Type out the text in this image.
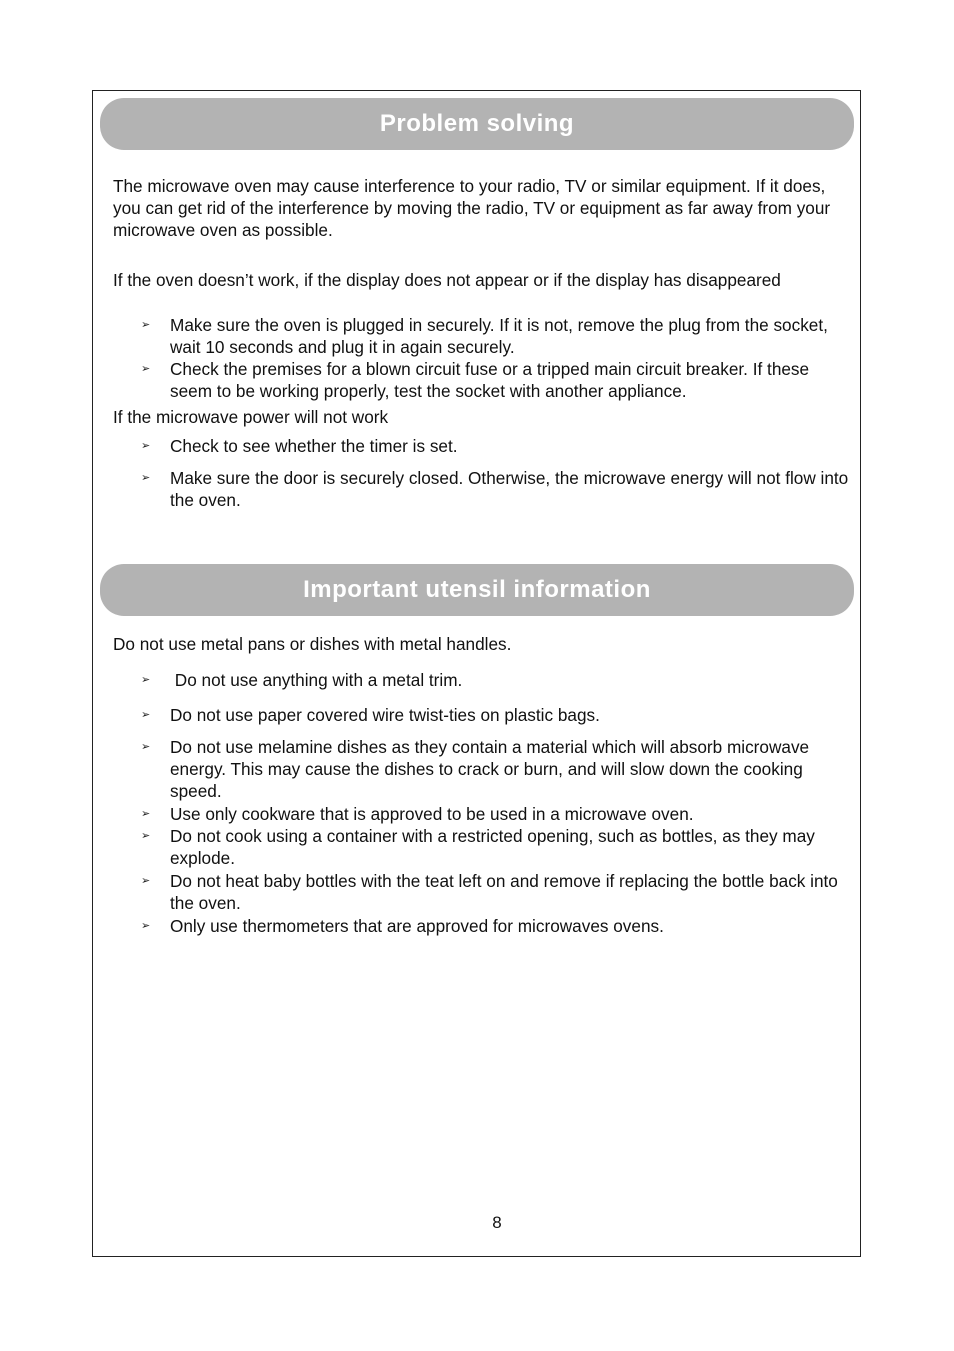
Problem solving

The microwave oven may cause interference to your radio, TV or similar equipment. If it does, you can get rid of the interference by moving the radio, TV or equipment as far away from your microwave oven as possible.

If the oven doesn’t work, if the display does not appear or if the display has disappeared

➢ Make sure the oven is plugged in securely. If it is not, remove the plug from the socket, wait 10 seconds and plug it in again securely.
➢ Check the premises for a blown circuit fuse or a tripped main circuit breaker. If these seem to be working properly, test the socket with another appliance.

If the microwave power will not work

➢ Check to see whether the timer is set.
➢ Make sure the door is securely closed. Otherwise, the microwave energy will not flow into the oven.
Important utensil information

Do not use metal pans or dishes with metal handles.

➢ Do not use anything with a metal trim.
➢ Do not use paper covered wire twist-ties on plastic bags.
➢ Do not use melamine dishes as they contain a material which will absorb microwave energy. This may cause the dishes to crack or burn, and will slow down the cooking speed.
➢ Use only cookware that is approved to be used in a microwave oven.
➢ Do not cook using a container with a restricted opening, such as bottles, as they may explode.
➢ Do not heat baby bottles with the teat left on and remove if replacing the bottle back into the oven.
➢ Only use thermometers that are approved for microwaves ovens.
8
